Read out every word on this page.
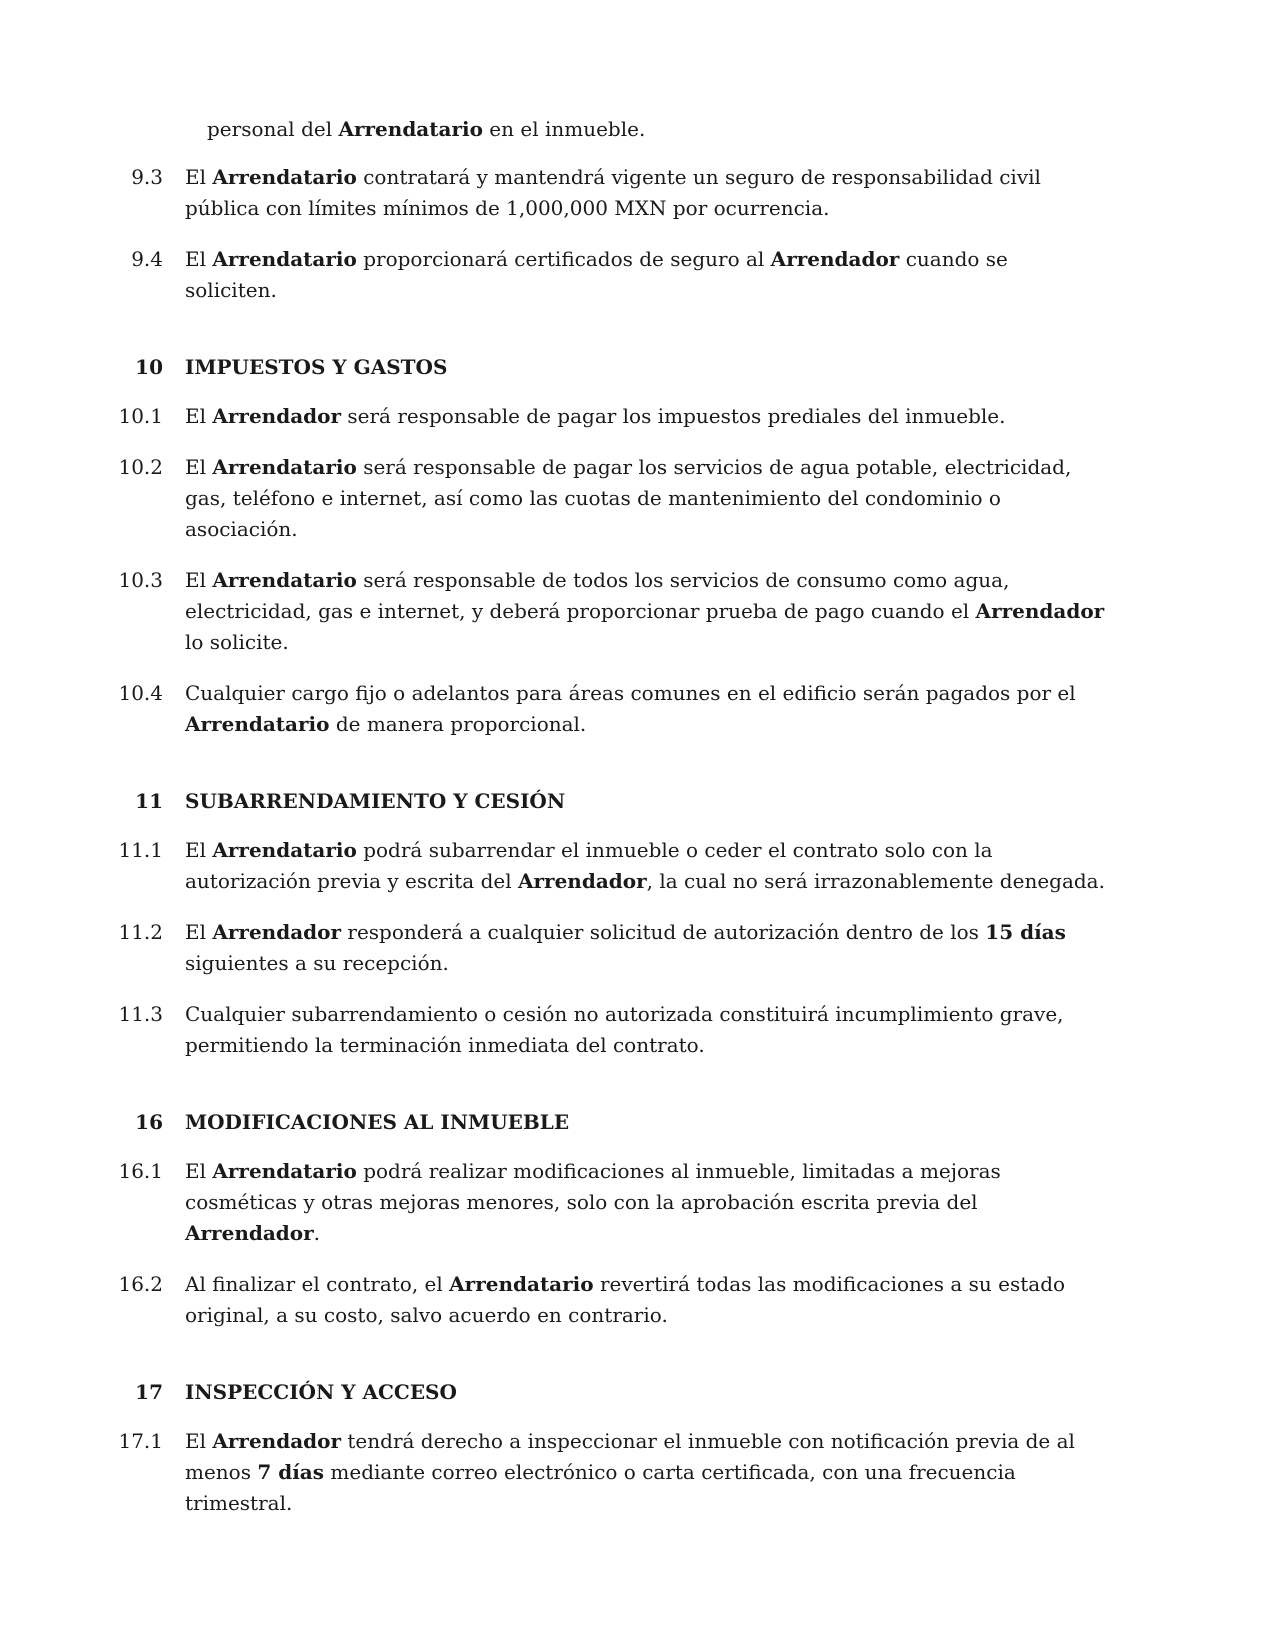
personal del Arrendatario en el inmueble.
9.3	El Arrendatario contratará y mantendrá vigente un seguro de responsabilidad civil pública con límites mínimos de 1,000,000 MXN por ocurrencia.
9.4	El Arrendatario proporcionará certificados de seguro al Arrendador cuando se soliciten.
10	IMPUESTOS Y GASTOS
10.1	El Arrendador será responsable de pagar los impuestos prediales del inmueble.
10.2	El Arrendatario será responsable de pagar los servicios de agua potable, electricidad, gas, teléfono e internet, así como las cuotas de mantenimiento del condominio o asociación.
10.3	El Arrendatario será responsable de todos los servicios de consumo como agua, electricidad, gas e internet, y deberá proporcionar prueba de pago cuando el Arrendador lo solicite.
10.4	Cualquier cargo fijo o adelantos para áreas comunes en el edificio serán pagados por el Arrendatario de manera proporcional.
11	SUBARRENDAMIENTO Y CESIÓN
11.1	El Arrendatario podrá subarrendar el inmueble o ceder el contrato solo con la autorización previa y escrita del Arrendador, la cual no será irrazonablemente denegada.
11.2	El Arrendador responderá a cualquier solicitud de autorización dentro de los 15 días siguientes a su recepción.
11.3	Cualquier subarrendamiento o cesión no autorizada constituirá incumplimiento grave, permitiendo la terminación inmediata del contrato.
16	MODIFICACIONES AL INMUEBLE
16.1	El Arrendatario podrá realizar modificaciones al inmueble, limitadas a mejoras cosméticas y otras mejoras menores, solo con la aprobación escrita previa del Arrendador.
16.2	Al finalizar el contrato, el Arrendatario revertirá todas las modificaciones a su estado original, a su costo, salvo acuerdo en contrario.
17	INSPECCIÓN Y ACCESO
17.1	El Arrendador tendrá derecho a inspeccionar el inmueble con notificación previa de al menos 7 días mediante correo electrónico o carta certificada, con una frecuencia trimestral.
